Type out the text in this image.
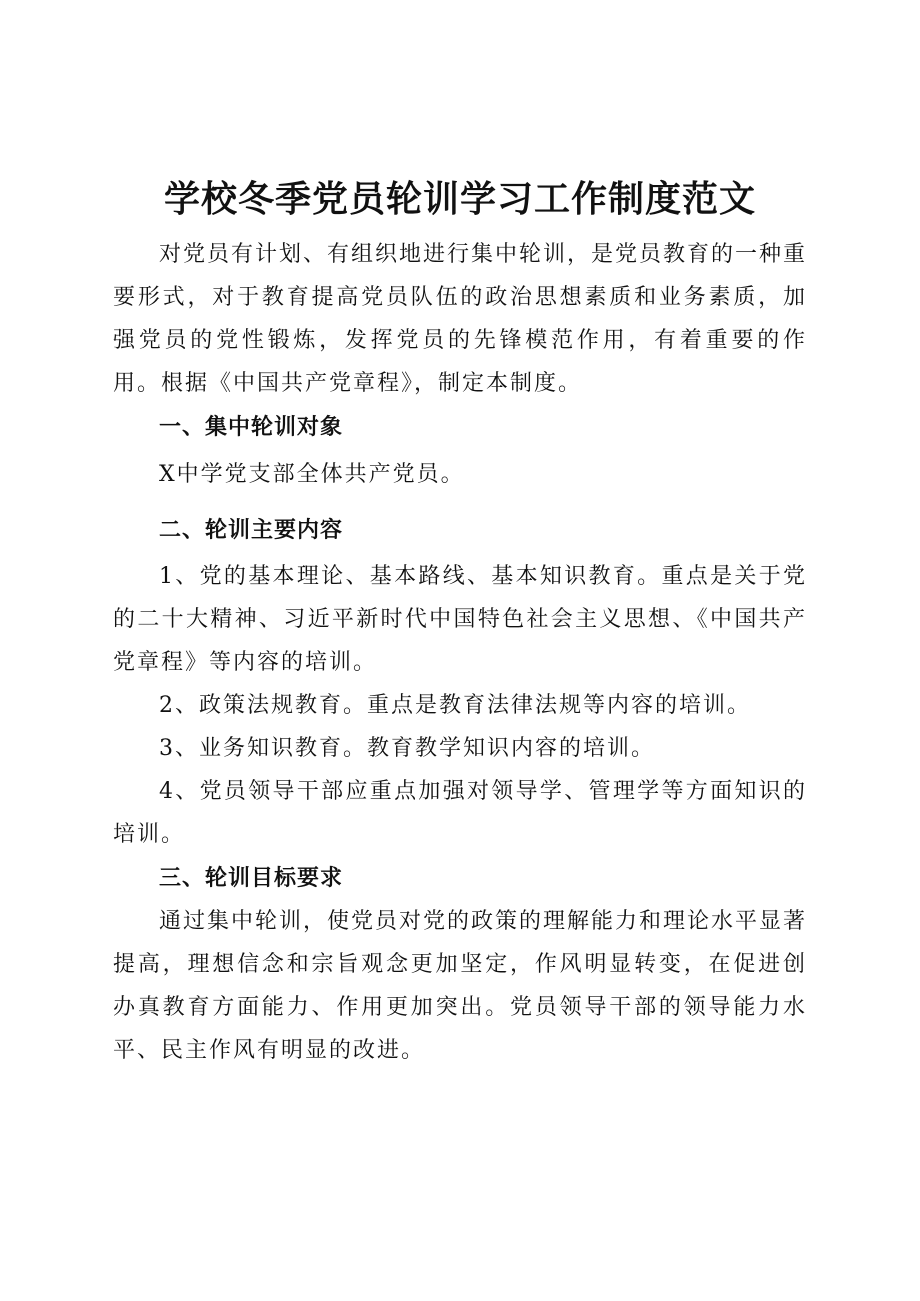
学校冬季党员轮训学习工作制度范文

对党员有计划、有组织地进行集中轮训，是党员教育的一种重要形式，对于教育提高党员队伍的政治思想素质和业务素质，加强党员的党性锻炼，发挥党员的先锋模范作用，有着重要的作用。根据《中国共产党章程》，制定本制度。

一、集中轮训对象

X中学党支部全体共产党员。

二、轮训主要内容

1、党的基本理论、基本路线、基本知识教育。重点是关于党的二十大精神、习近平新时代中国特色社会主义思想、《中国共产党章程》等内容的培训。

2、政策法规教育。重点是教育法律法规等内容的培训。

3、业务知识教育。教育教学知识内容的培训。

4、党员领导干部应重点加强对领导学、管理学等方面知识的培训。

三、轮训目标要求

通过集中轮训，使党员对党的政策的理解能力和理论水平显著提高，理想信念和宗旨观念更加坚定，作风明显转变，在促进创办真教育方面能力、作用更加突出。党员领导干部的领导能力水平、民主作风有明显的改进。
